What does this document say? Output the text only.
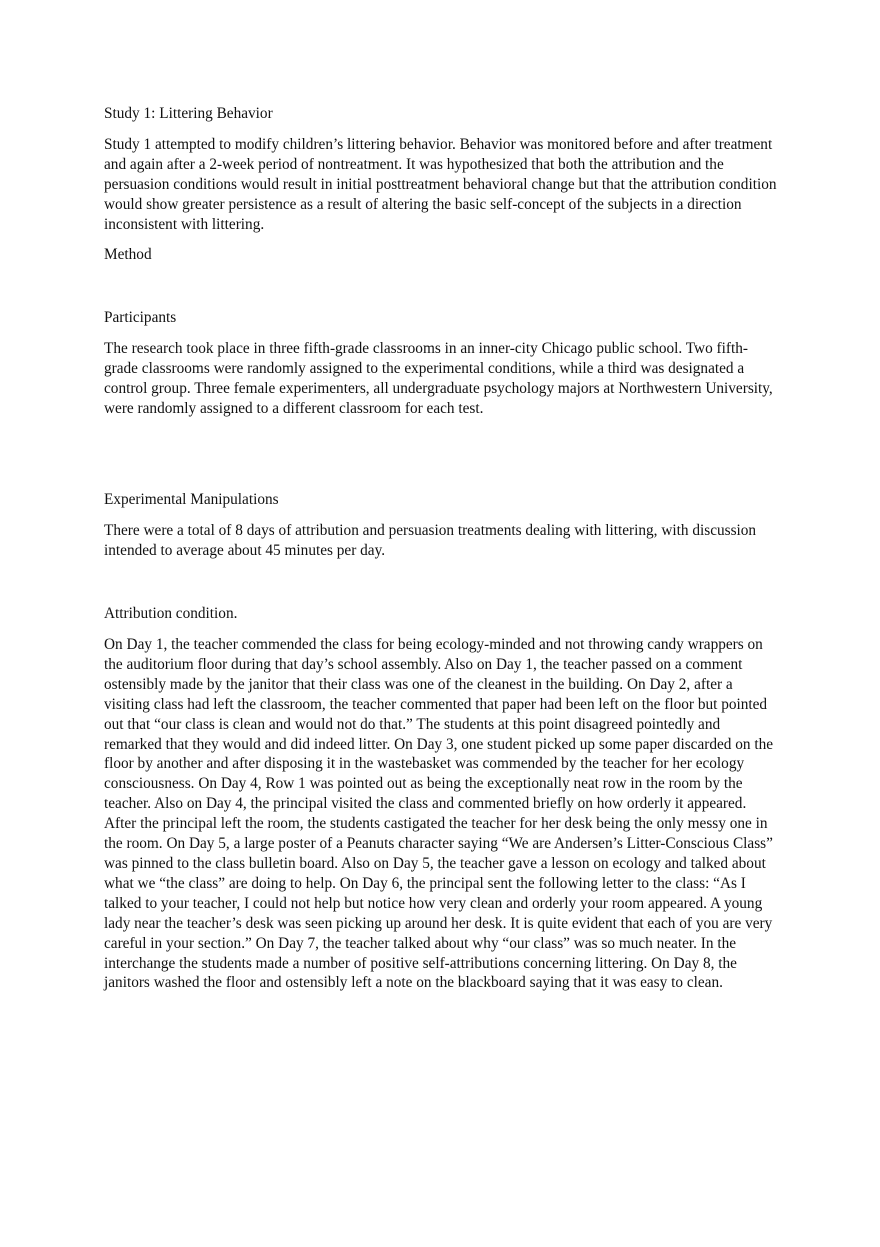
Study 1: Littering Behavior
Study 1 attempted to modify children’s littering behavior. Behavior was monitored before and after treatment and again after a 2-week period of nontreatment. It was hypothesized that both the attribution and the persuasion conditions would result in initial posttreatment behavioral change but that the attribution condition would show greater persistence as a result of altering the basic self-concept of the subjects in a direction inconsistent with littering.
Method
Participants
The research took place in three fifth-grade classrooms in an inner-city Chicago public school. Two fifth-grade classrooms were randomly assigned to the experimental conditions, while a third was designated a control group. Three female experimenters, all undergraduate psychology majors at Northwestern University, were randomly assigned to a different classroom for each test.
Experimental Manipulations
There were a total of 8 days of attribution and persuasion treatments dealing with littering, with discussion intended to average about 45 minutes per day.
Attribution condition.
On Day 1, the teacher commended the class for being ecology-minded and not throwing candy wrappers on the auditorium floor during that day’s school assembly. Also on Day 1, the teacher passed on a comment ostensibly made by the janitor that their class was one of the cleanest in the building. On Day 2, after a visiting class had left the classroom, the teacher commented that paper had been left on the floor but pointed out that “our class is clean and would not do that.” The students at this point disagreed pointedly and remarked that they would and did indeed litter. On Day 3, one student picked up some paper discarded on the floor by another and after disposing it in the wastebasket was commended by the teacher for her ecology consciousness. On Day 4, Row 1 was pointed out as being the exceptionally neat row in the room by the teacher. Also on Day 4, the principal visited the class and commented briefly on how orderly it appeared. After the principal left the room, the students castigated the teacher for her desk being the only messy one in the room. On Day 5, a large poster of a Peanuts character saying “We are Andersen’s Litter-Conscious Class” was pinned to the class bulletin board. Also on Day 5, the teacher gave a lesson on ecology and talked about what we “the class” are doing to help. On Day 6, the principal sent the following letter to the class: “As I talked to your teacher, I could not help but notice how very clean and orderly your room appeared. A young lady near the teacher’s desk was seen picking up around her desk. It is quite evident that each of you are very careful in your section.” On Day 7, the teacher talked about why “our class” was so much neater. In the interchange the students made a number of positive self-attributions concerning littering. On Day 8, the janitors washed the floor and ostensibly left a note on the blackboard saying that it was easy to clean.
